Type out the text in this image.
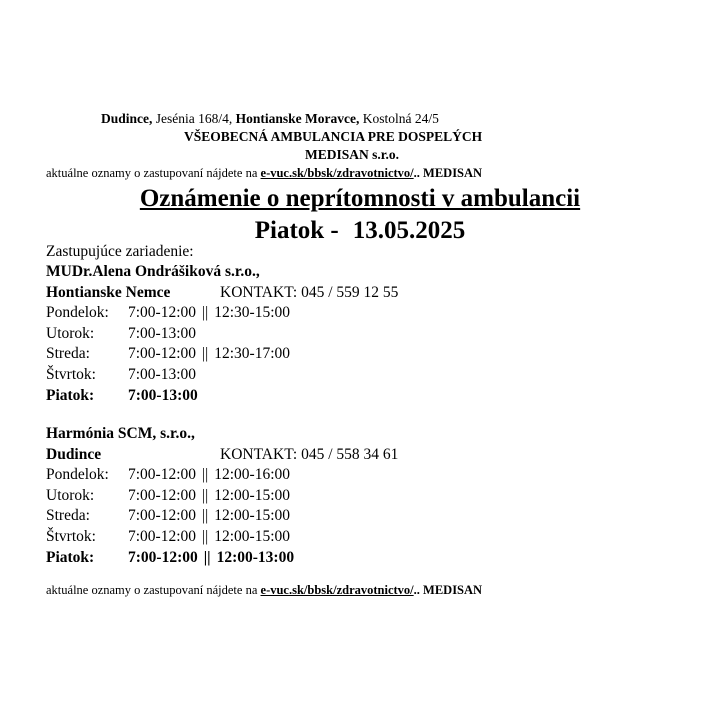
Dudince, Jesénia 168/4, Hontianske Moravce, Kostolná 24/5
VŠEOBECNÁ AMBULANCIA PRE DOSPELÝCH
MEDISAN s.r.o.
aktuálne oznamy o zastupovaní nájdete na e-vuc.sk/bbsk/zdravotnictvo/.. MEDISAN
Oznámenie o neprítomnosti v ambulancii
Piatok - 13.05.2025
Zastupujúce zariadenie:
MUDr.Alena Ondrášiková s.r.o.,
Hontianske Nemce	KONTAKT: 045 / 559 12 55
Pondelok: 7:00-12:00 || 12:30-15:00
Utorok: 7:00-13:00
Streda: 7:00-12:00 || 12:30-17:00
Štvrtok: 7:00-13:00
Piatok: 7:00-13:00
Harmónia SCM, s.r.o.,
Dudince	KONTAKT: 045 / 558 34 61
Pondelok: 7:00-12:00 || 12:00-16:00
Utorok: 7:00-12:00 || 12:00-15:00
Streda: 7:00-12:00 || 12:00-15:00
Štvrtok: 7:00-12:00 || 12:00-15:00
Piatok: 7:00-12:00 || 12:00-13:00
aktuálne oznamy o zastupovaní nájdete na e-vuc.sk/bbsk/zdravotnictvo/.. MEDISAN
